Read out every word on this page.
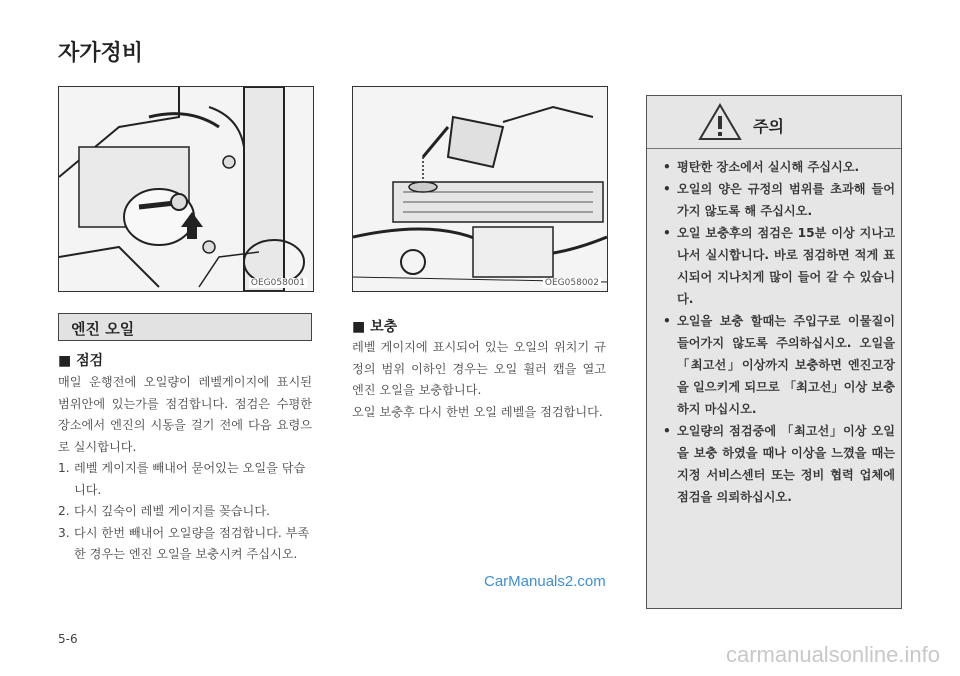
자가정비
OEG058001	OEG058002
엔진 오일
■ 점검
매일 운행전에 오일량이 레벨게이지에 표시된 범위안에 있는가를 점검합니다. 점검은 수평한 장소에서 엔진의 시동을 걸기 전에 다음 요령으로 실시합니다.
1. 레벨 게이지를 빼내어 묻어있는 오일을 닦습니다.
2. 다시 깊숙이 레벨 게이지를 꽂습니다.
3. 다시 한번 빼내어 오일량을 점검합니다. 부족한 경우는 엔진 오일을 보충시켜 주십시오.
■ 보충
레벨 게이지에 표시되어 있는 오일의 위치기 규정의 범위 이하인 경우는 오일 휠러 캡을 열고 엔진 오일을 보충합니다.
오일 보충후 다시 한번 오일 레벨을 점검합니다.
주의
• 평탄한 장소에서 실시해 주십시오.
• 오일의 양은 규정의 범위를 초과해 들어가지 않도록 해 주십시오.
• 오일 보충후의 점검은 15분 이상 지나고나서 실시합니다. 바로 점검하면 적게 표시되어 지나치게 많이 들어 갈 수 있습니다.
• 오일을 보충 할때는 주입구로 이물질이 들어가지 않도록 주의하십시오. 오일을 「최고선」이상까지 보충하면 엔진고장을 일으키게 되므로 「최고선」이상 보충하지 마십시오.
• 오일량의 점검중에 「최고선」이상 오일을 보충 하였을 때나 이상을 느꼈을 때는 지정 서비스센터 또는 정비 협력 업체에 점검을 의뢰하십시오.
CarManuals2.com
5-6
carmanualsonline.info
